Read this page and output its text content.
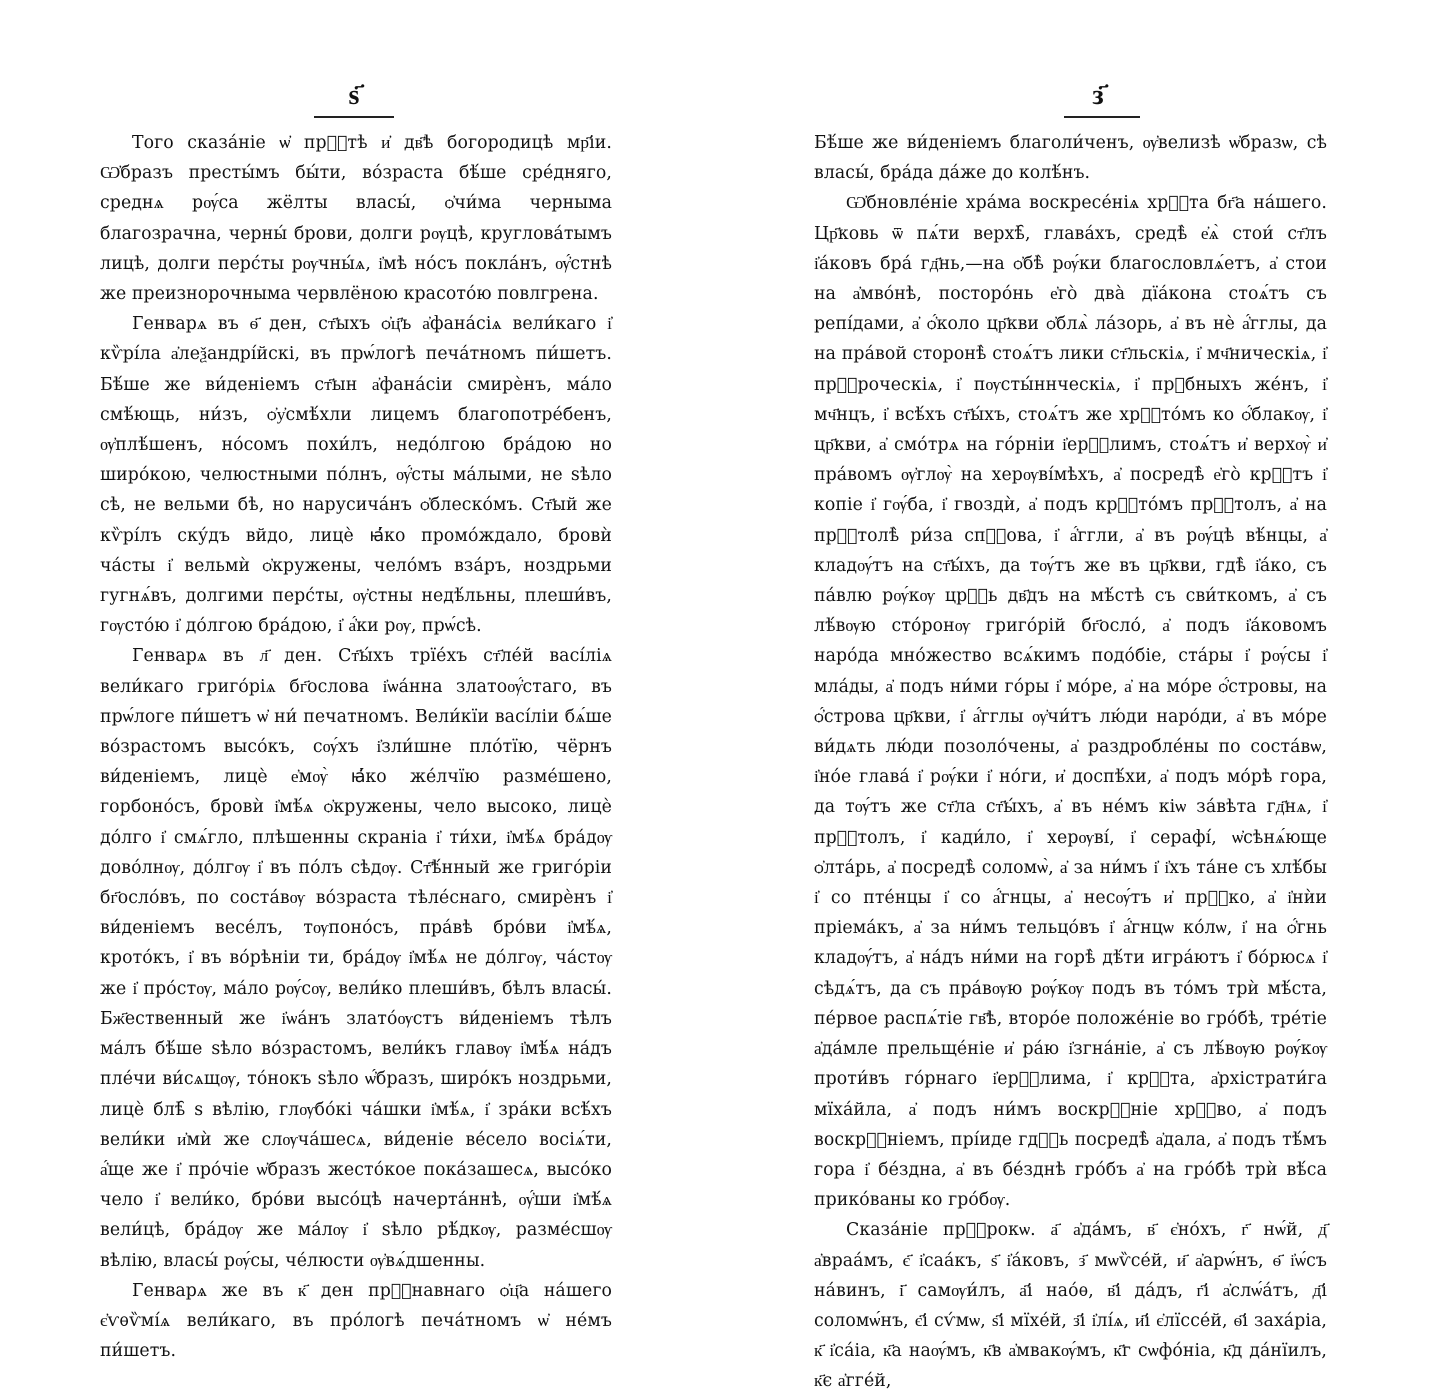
ѕ҃

Того сказа́ніе ѡ҆ прⷭ҇тѣ и҆ дв҃ѣ богородицѣ мр҃іи. Ѡ҆бразъ престы́мъ бы́ти, во́зраста бѣ́ше сре́дняго, среднѧ рѹ́са жёлты власы́, ѻ҆чи́ма черныма благозрачна, черны́ брови, долги рѹцѣ, круглова́тымъ лицѣ, долги перс́ты рѹчны́ѧ, і҆мѣ но́съ покла́нъ, ѹ҆́стнѣ же преизнорочныма червлёною красото́ю повлгрена.

Генварѧ въ ѳ҃ ден, ст҃ыхъ ѻ҆ц҃ъ а҆фана́сіѧ вели́каго і҆ кѷрі́ла а҆леѯандрі́йскі, въ прѡ́логѣ печа́тномъ пи́шетъ. Бѣ́ше же ви́деніемъ ст҃ын а҆фана́сіи смирѐнъ, ма́ло смѣ́ющь, ни́зъ, ѻ҆у҆смѣ́хли лицемъ благопотре́бенъ, ѹ҆плѣ́шенъ, но́сомъ похи́лъ, недо́лгою бра́дою но широ́кою, челюстными по́лнъ, ѹ҆́сты ма́лыми, не ѕѣло сѣ, не вельми бѣ, но нарусича́нъ ѻ҆блеско́мъ. Ст҃ый же кѷрі́лъ ску́дъ вйдо, лицѐ ꙗ҆́ко промо́ждало, бровѝ ча́сты і҆ вельмѝ ѻ҆кружены, чело́мъ вза́ръ, ноздрьми гугнѧ́въ, долгими перс́ты, ѹ҆стны недѣ́льны, плеши́въ, гѹсто́ю і҆ до́лгою бра́дою, і҆ а҆́ки рѹ, прѡ́сѣ.

Генварѧ въ л҃ ден. Ст҃ы́хъ трїе́хъ ст҃ле́й васі́ліѧ вели́каго григо́ріѧ бг҃ослова і҆ѡа́нна златоѹ҆́стаго, въ прѡ́логе пи́шетъ ѡ҆ ни́ печатномъ. Вели́кїи васі́ліи бѧ́ше во́зрастомъ высо́къ, сѹ́хъ і҆зли́шне пло́тїю, чёрнъ ви́деніемъ, лицѐ е҆мѹ̀ ꙗ҆́ко же́лчїю разме́шено, горбоно́съ, бровѝ і҆мѣ́ѧ ѻ҆кружены, чело высоко, лицѐ до́лго і҆ смѧ́гло, плѣшенны скраніа і҆ ти́хи, і҆мѣ́ѧ бра́дѹ дово́лнѹ, до́лгѹ і҆ въ по́лъ сѣдѹ. Ст҃ѣ́нный же григо́ріи бг҃осло́въ, по соста́вѹ во́зраста тѣле́снаго, смирѐнъ і҆ ви́деніемъ весе́лъ, тѹпоно́съ, пра́вѣ бро́ви і҆мѣ́ѧ, крото́къ, і҆ въ во́рѣніи ти, бра́дѹ і҆мѣ́ѧ не до́лгѹ, ча́стѹ же і҆ про́стѹ, ма́ло рѹ́сѹ, вели́ко плеши́въ, бѣлъ власы́. Бж҃ественный же і҆ѡа́нъ злато́ѹстъ ви́деніемъ тѣлъ ма́лъ бѣ́ше ѕѣло во́зрастомъ, вели́къ главѹ і҆мѣ́ѧ на́дъ пле́чи ви́сѧщѹ, то́нокъ ѕѣло ѡ҆́бразъ, широ́къ ноздрьми, лицѐ блѣ̑ ѕ вѣлію, глѹбо́кі ча́шки і҆мѣ́ѧ, і҆ зра́ки всѣ́хъ вели́ки и҆мѝ же слѹча́шесѧ, ви́деніе ве́село восіѧ́ти, а҆́ще же і҆ про́чіе ѡ҆бразъ жесто́кое пока́зашесѧ, высо́ко чело і҆ вели́ко, бро́ви высо́цѣ начерта́ннѣ, ѹ҆́ши і҆мѣ́ѧ вели́цѣ, бра́дѹ же ма́лѹ і҆ ѕѣло рѣ́дкѹ, разме́сшѹ вѣлію, власы́ рѹ́сы, че́люсти ѹ҆вѧ́дшенны.

Генварѧ же въ к҃ ден прⷭ҇навнаго ѻ҆ц҃а на́шего є҆ѵѳѷмі́ѧ вели́каго, въ про́логѣ печа́тномъ ѡ҆ не́мъ пи́шетъ.

з҃

Бѣ́ше же ви́деніемъ благоли́ченъ, ѹ҆велизѣ ѡ҆бразѡ, сѣ власы́, бра́да да́же до колѣ́нъ.

Ѡ҆бновле́ніе хра́ма воскресе́ніѧ хрⷭ҇та бг҃а на́шего. Цр҃ковь ѿ пѧ́ти верхѣ̑, глава́хъ, средѣ̀ е҆ѧ̀ стои́ ст҃лъ і҆а́ковъ бра́ гд҃нь,—на ѻ҆бѣ̀ рѹ́ки благословлѧ́етъ, а҆ стои на а҆мво́нѣ, посторо́нь е҆го̀ два̀ дїа́кона стоѧ́тъ съ репі́дами, а҆ ѻ҆́коло цр҃кви ѻ҆блѧ̀ ла́зорь, а҆ въ нѐ а҆́гглы, да на пра́вой сторонѣ̀ стоѧ́тъ лики ст҃льскіѧ, і҆ мч҃ническіѧ, і҆ прⷪ҇роческіѧ, і҆ пѹсты́ннческіѧ, і҆ прⷣбныхъ же́нъ, і҆ мч҃нцъ, і҆ всѣ́хъ ст҃ы́хъ, стоѧ́тъ же хрⷭ҇то́мъ ко ѻ҆́блакѹ, і҆ цр҃кви, а҆ смо́трѧ на го́рніи і҆ерⷭ҇лимъ, стоѧ́тъ и҆ верхѹ̀ и҆ пра́вомъ ѹ҆глѹ̀ на херѹві́мѣхъ, а҆ посредѣ̀ е҆го̀ крⷭ҇тъ і҆ копіе і҆ гѹ́ба, і҆ гвоздѝ, а҆ подъ крⷭ҇то́мъ прⷭ҇толъ, а҆ на прⷭ҇толѣ̀ ри́за спⷭ҇ова, і҆ а҆́ггли, а҆ въ рѹ́цѣ вѣ́нцы, а҆ кладѹ́тъ на ст҃ы́хъ, да тѹ́тъ же въ цр҃кви, гдѣ̀ і҆а́ко, съ па́влю рѹ́кѹ црⷭ҇ь дв҃дъ на мѣ́стѣ съ сви́ткомъ, а҆ съ лѣ́вѹю сто́ронѹ григо́рій бг҃осло́, а҆ подъ і҆а́ковомъ наро́да мно́жество всѧ́кимъ подо́біе, ста́ры і҆ рѹ́сы і҆ мла́ды, а҆ подъ ни́ми го́ры і҆ мо́ре, а҆ на мо́ре ѻ҆́стровы, на ѻ҆́строва цр҃кви, і҆ а҆́гглы ѹ҆чи́тъ лю́ди наро́ди, а҆ въ мо́ре ви́дѧть лю́ди позоло́чены, а҆ раздробле́ны по соста́вѡ, і҆но́е глава́ і҆ рѹ́ки і҆ но́ги, и҆ доспѣ́хи, а҆ подъ мо́рѣ гора, да тѹ́тъ же ст҃ла ст҃ы́хъ, а҆ въ не́мъ кіѡ за́вѣта гд҃нѧ, і҆ прⷭ҇толъ, і҆ кади́ло, і҆ херѹві́, і҆ серафі́, ѡ҆сѣнѧ́юще ѻ҆лта́рь, а҆ посредѣ̀ соломѡ̀, а҆ за ни́мъ і҆ і҆хъ та́не съ хлѣ́бы і҆ со пте́нцы і҆ со а҆́гнцы, а҆ несѹ́тъ и҆ прⷭ҇ко, а҆ і҆нѝи пріема́къ, а҆ за ни́мъ тельцо́въ і҆ а҆́гнцѡ ко́лѡ, і҆ на ѻ҆́гнь кладѹ́тъ, а҆ на́дъ ни́ми на горѣ̀ дѣ́ти игра́ютъ і҆ бо́рюсѧ і҆ сѣдѧ́тъ, да съ пра́вѹю рѹ́кѹ подъ въ то́мъ трѝ мѣ́ста, пе́рвое распѧ́тіе гв҃ѣ, второ́е положе́ніе во гро́бѣ, тре́тіе а҆да́мле прельще́ніе и҆ ра́ю і҆згна́ніе, а҆ съ лѣ́вѹю рѹ́кѹ проти́въ го́рнаго і҆ерⷭ҇лима, і҆ крⷭ҇та, а҆рхістрати́га мїха́йла, а҆ подъ ни́мъ воскрⷭ҇ніе хрⷭ҇во, а҆ подъ воскрⷭ҇ніемъ, прі́иде гдⷭ҇ь посредѣ̀ а҆дала, а҆ подъ тѣ́мъ гора і҆ бе́здна, а҆ въ бе́зднѣ гро́бъ а҆ на гро́бѣ трѝ вѣ́са прико́ваны ко гро́бѹ.

Сказа́ніе прⷪ҇рокѡ. а҃ а҆да́мъ, в҃ є҆но́хъ, г҃ нѡ́й, д҃ а҆враа́мъ, є҃ і҆саа́къ, ѕ҃ і҆а́ковъ, з҃ мѡѷсе́й, и҃ а҆арѡ́нъ, ѳ҃ і҆ѡ́съ на́винъ, і҃ самѹи́лъ, а҃і нао́ѳ, в҃і да́дъ, г҃і а҆слѡ́а́тъ, д҃і соломѡ́нъ, є҃і сѵ́мѡ, ѕ҃і мїхе́й, з҃і і҆лі́ѧ, и҃і є҆лїссе́й, ѳ҃і заха́ріа, к҃ і҆са́іа, к҃а наѹ́мъ, к҃в а҆мвакѹ́мъ, к҃г сѡфо́ніа, к҃д да́нїилъ, к҃є а҆гге́й,
